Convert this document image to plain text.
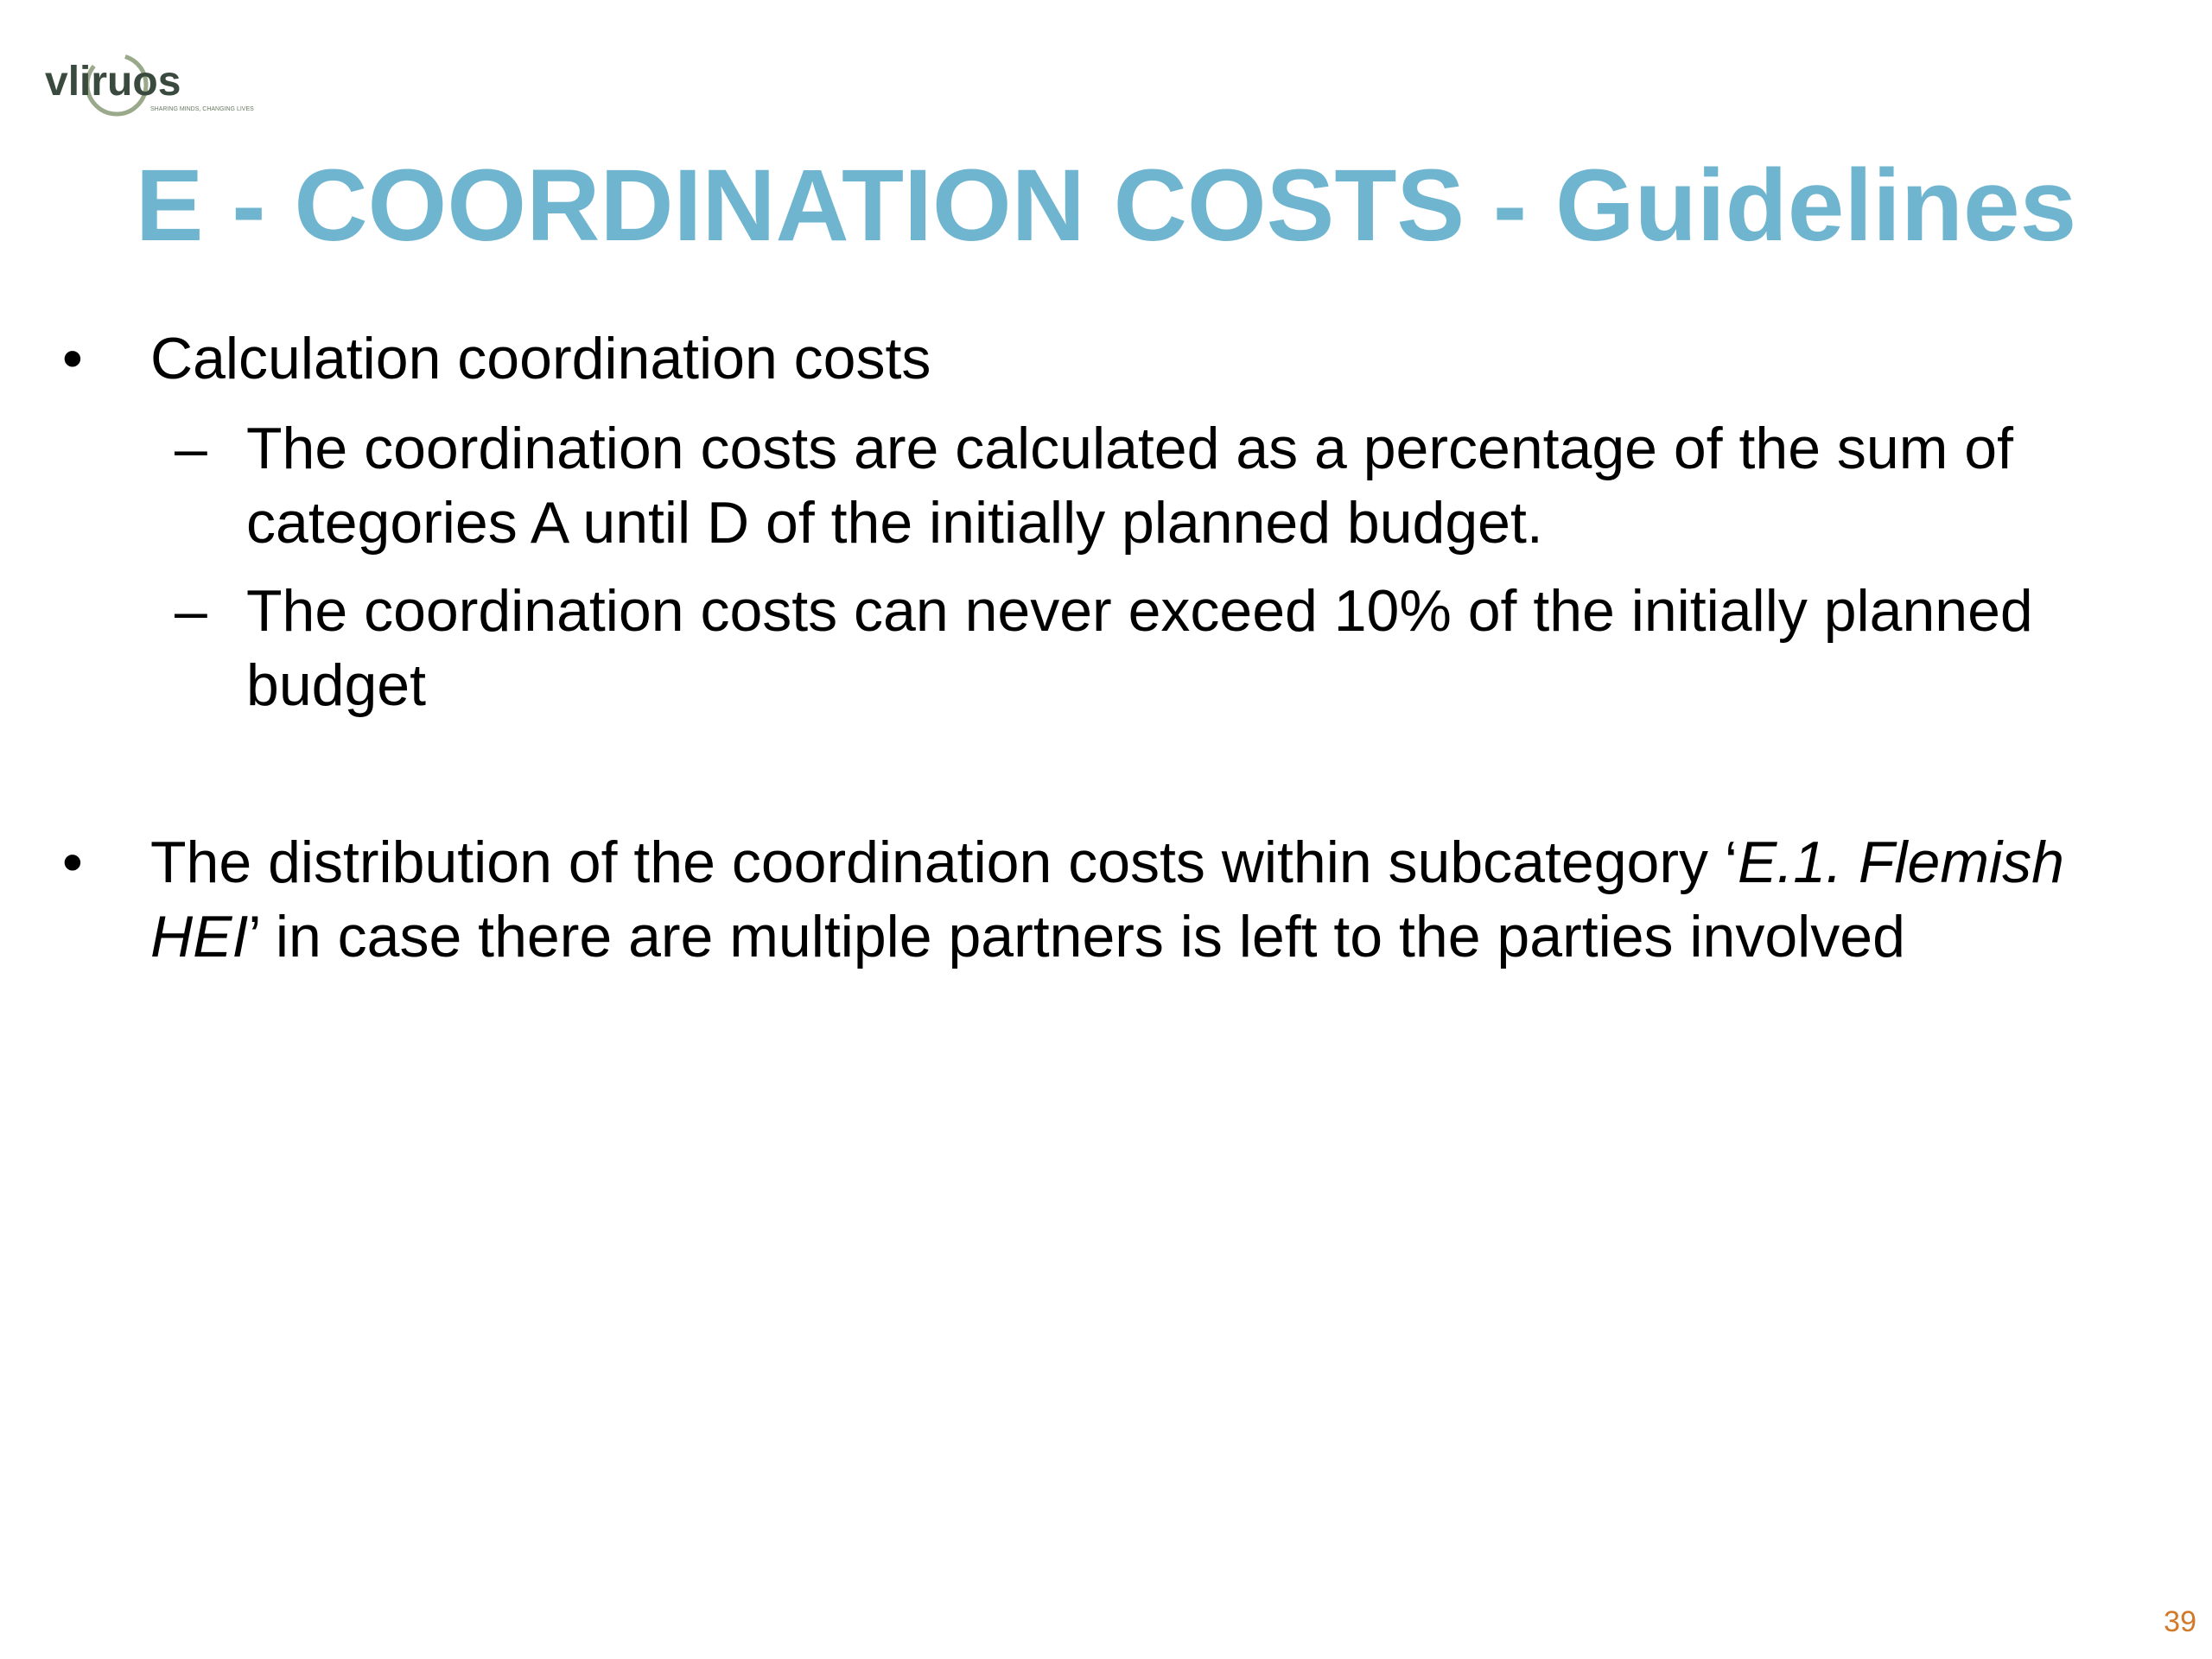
vliruos
SHARING MINDS, CHANGING LIVES
E - COORDINATION COSTS - Guidelines
• Calculation coordination costs
– The coordination costs are calculated as a percentage of the sum of categories A until D of the initially planned budget.
– The coordination costs can never exceed 10% of the initially planned budget
• The distribution of the coordination costs within subcategory ‘E.1. Flemish HEI’ in case there are multiple partners is left to the parties involved
39
